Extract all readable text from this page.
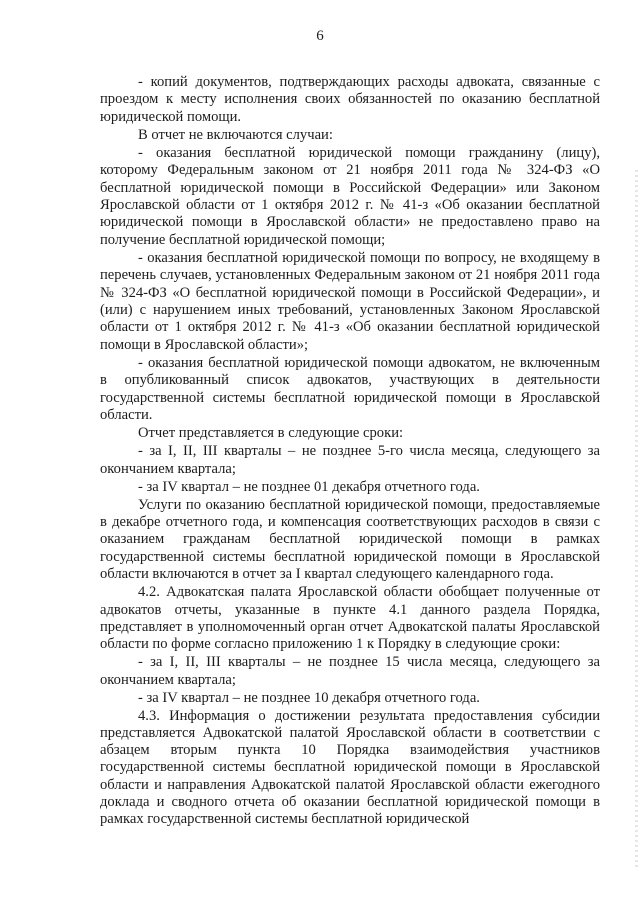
6

- копий документов, подтверждающих расходы адвоката, связанные с проездом к месту исполнения своих обязанностей по оказанию бесплатной юридической помощи.

В отчет не включаются случаи:

- оказания бесплатной юридической помощи гражданину (лицу), которому Федеральным законом от 21 ноября 2011 года № 324-ФЗ «О бесплатной юридической помощи в Российской Федерации» или Законом Ярославской области от 1 октября 2012 г. № 41-з «Об оказании бесплатной юридической помощи в Ярославской области» не предоставлено право на получение бесплатной юридической помощи;

- оказания бесплатной юридической помощи по вопросу, не входящему в перечень случаев, установленных Федеральным законом от 21 ноября 2011 года № 324-ФЗ «О бесплатной юридической помощи в Российской Федерации», и (или) с нарушением иных требований, установленных Законом Ярославской области от 1 октября 2012 г. № 41-з «Об оказании бесплатной юридической помощи в Ярославской области»;

- оказания бесплатной юридической помощи адвокатом, не включенным в опубликованный список адвокатов, участвующих в деятельности государственной системы бесплатной юридической помощи в Ярославской области.

Отчет представляется в следующие сроки:

- за I, II, III кварталы – не позднее 5-го числа месяца, следующего за окончанием квартала;

- за IV квартал – не позднее 01 декабря отчетного года.

Услуги по оказанию бесплатной юридической помощи, предоставляемые в декабре отчетного года, и компенсация соответствующих расходов в связи с оказанием гражданам бесплатной юридической помощи в рамках государственной системы бесплатной юридической помощи в Ярославской области включаются в отчет за I квартал следующего календарного года.

4.2. Адвокатская палата Ярославской области обобщает полученные от адвокатов отчеты, указанные в пункте 4.1 данного раздела Порядка, представляет в уполномоченный орган отчет Адвокатской палаты Ярославской области по форме согласно приложению 1 к Порядку в следующие сроки:

- за I, II, III кварталы – не позднее 15 числа месяца, следующего за окончанием квартала;

- за IV квартал – не позднее 10 декабря отчетного года.

4.3. Информация о достижении результата предоставления субсидии представляется Адвокатской палатой Ярославской области в соответствии с абзацем вторым пункта 10 Порядка взаимодействия участников государственной системы бесплатной юридической помощи в Ярославской области и направления Адвокатской палатой Ярославской области ежегодного доклада и сводного отчета об оказании бесплатной юридической помощи в рамках государственной системы бесплатной юридической
